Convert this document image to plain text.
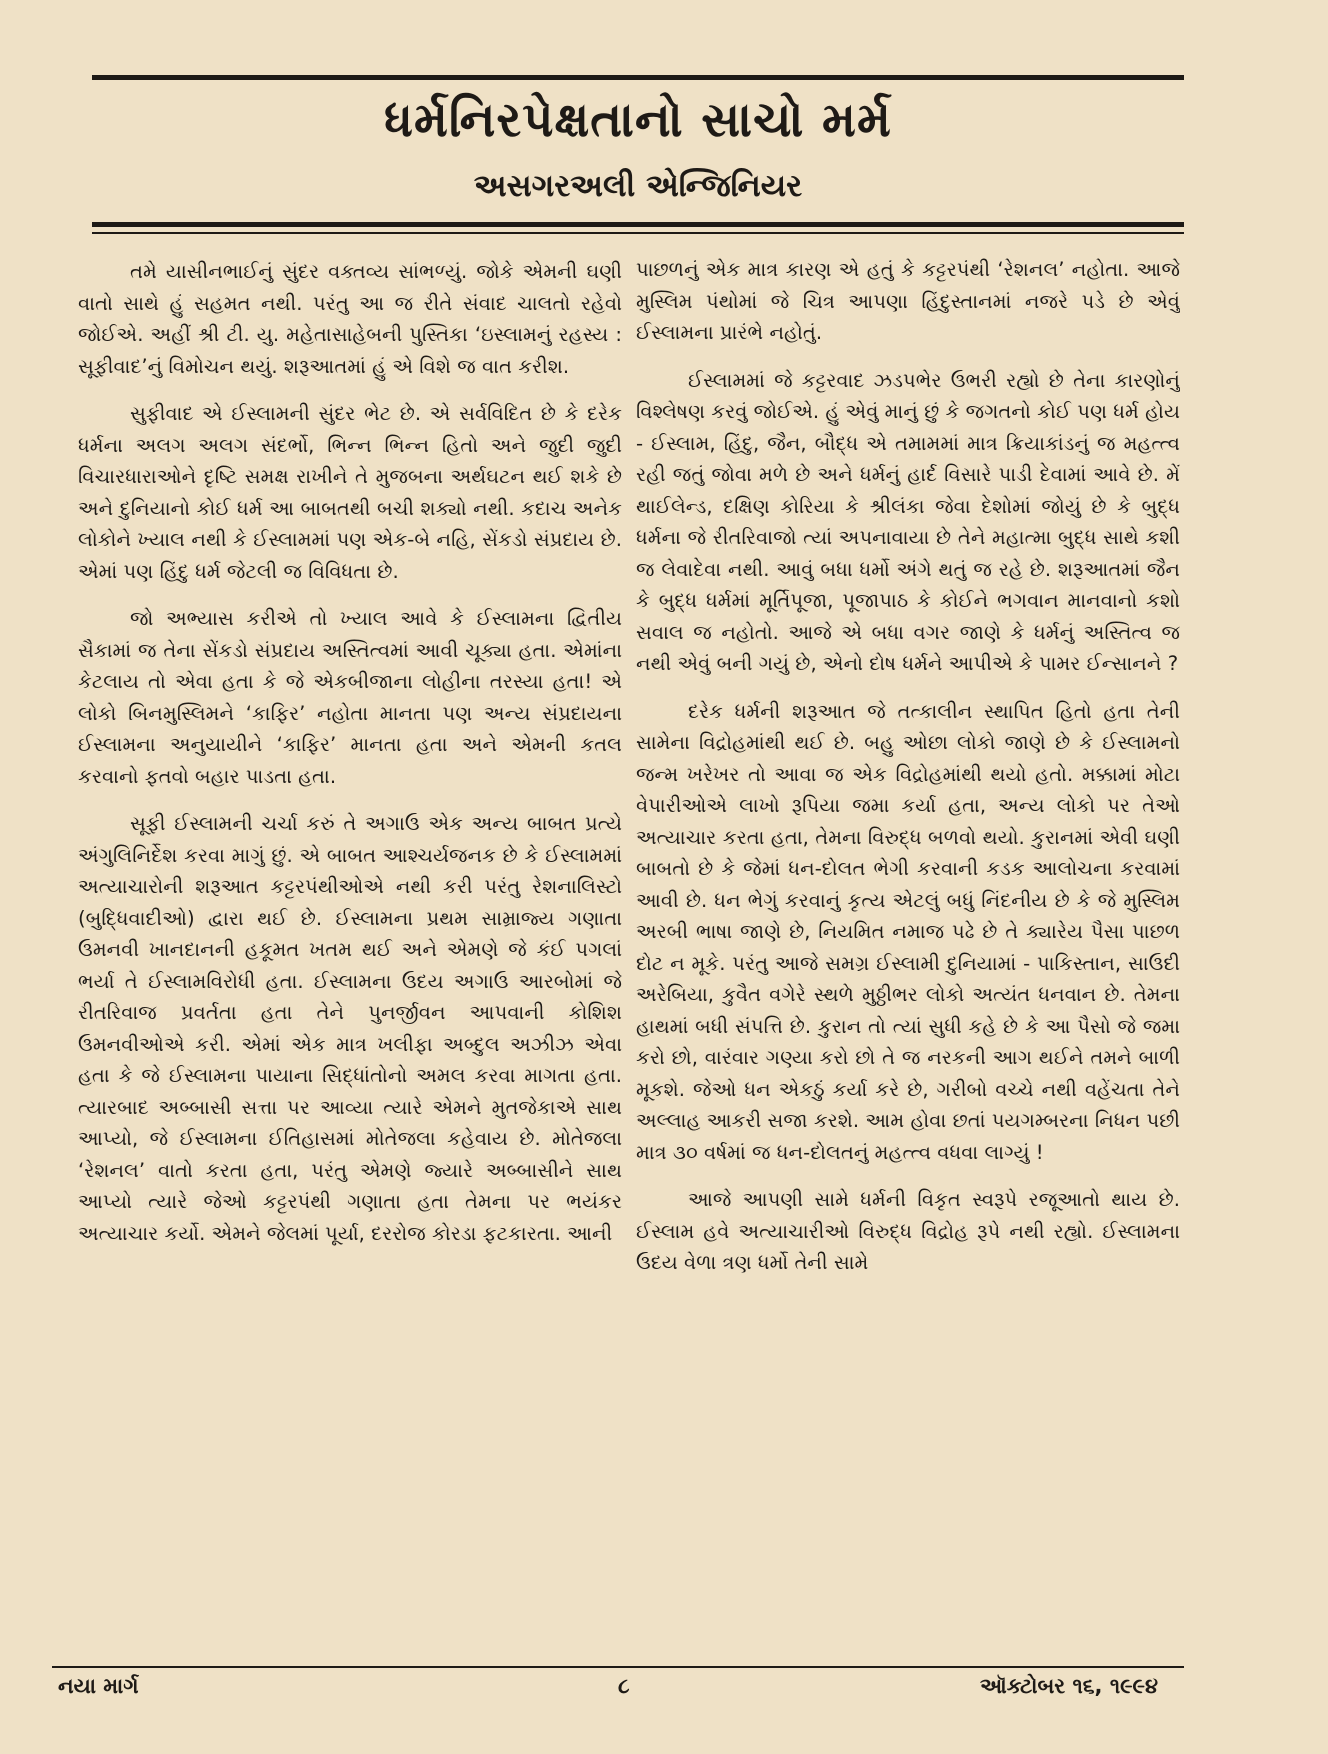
ધર્મનિરપેક્ષતાનો સાચો મર્મ
અસગરઅલી એન્જિનિયર

તમે યાસીનભાઈનું સુંદર વક્તવ્ય સાંભળ્યું. જોકે એમની ઘણી વાતો સાથે હું સહમત નથી. પરંતુ આ જ રીતે સંવાદ ચાલતો રહેવો જોઈએ. અહીં શ્રી ટી. યુ. મહેતાસાહેબની પુસ્તિકા ‘ઇસ્લામનું રહસ્ય : સૂફીવાદ’નું વિમોચન થયું. શરૂઆતમાં હું એ વિશે જ વાત કરીશ.

સુફીવાદ એ ઈસ્લામની સુંદર ભેટ છે. એ સર્વવિદિત છે કે દરેક ધર્મના અલગ અલગ સંદર્ભો, ભિન્ન ભિન્ન હિતો અને જુદી જુદી વિચારધારાઓને દૃષ્ટિ સમક્ષ રાખીને તે મુજબના અર્થઘટન થઈ શકે છે અને દુનિયાનો કોઈ ધર્મ આ બાબતથી બચી શક્યો નથી. કદાચ અનેક લોકોને ખ્યાલ નથી કે ઈસ્લામમાં પણ એક-બે નહિ, સેંકડો સંપ્રદાય છે. એમાં પણ હિંદુ ધર્મ જેટલી જ વિવિધતા છે.

જો અભ્યાસ કરીએ તો ખ્યાલ આવે કે ઈસ્લામના દ્વિતીય સૈકામાં જ તેના સેંકડો સંપ્રદાય અસ્તિત્વમાં આવી ચૂક્યા હતા. એમાંના કેટલાય તો એવા હતા કે જે એકબીજાના લોહીના તરસ્યા હતા! એ લોકો બિનમુસ્લિમને ‘કાફિર’ નહોતા માનતા પણ અન્ય સંપ્રદાયના ઈસ્લામના અનુયાયીને ‘કાફિર’ માનતા હતા અને એમની કતલ કરવાનો ફતવો બહાર પાડતા હતા.

સૂફી ઈસ્લામની ચર્ચા કરું તે અગાઉ એક અન્ય બાબત પ્રત્યે અંગુલિનિર્દેશ કરવા માગું છું. એ બાબત આશ્ચર્યજનક છે કે ઈસ્લામમાં અત્યાચારોની શરૂઆત કટ્ટરપંથીઓએ નથી કરી પરંતુ રેશનાલિસ્ટો (બુદ્ધિવાદીઓ) દ્વારા થઈ છે. ઈસ્લામના પ્રથમ સામ્રાજ્ય ગણાતા ઉમનવી ખાનદાનની હકૂમત ખતમ થઈ અને એમણે જે કંઈ પગલાં ભર્યા તે ઈસ્લામવિરોધી હતા. ઈસ્લામના ઉદય અગાઉ આરબોમાં જે રીતરિવાજ પ્રવર્તતા હતા તેને પુનર્જીવન આપવાની કોશિશ ઉમનવીઓએ કરી. એમાં એક માત્ર ખલીફા અબ્દુલ અઝીઝ એવા હતા કે જે ઈસ્લામના પાયાના સિદ્ધાંતોનો અમલ કરવા માગતા હતા. ત્યારબાદ અબ્બાસી સત્તા પર આવ્યા ત્યારે એમને મુતજેકાએ સાથ આપ્યો, જે ઈસ્લામના ઈતિહાસમાં મોતેજલા કહેવાય છે. મોતેજલા ‘રેશનલ’ વાતો કરતા હતા, પરંતુ એમણે જ્યારે અબ્બાસીને સાથ આપ્યો ત્યારે જેઓ કટ્ટરપંથી ગણાતા હતા તેમના પર ભયંકર અત્યાચાર કર્યો. એમને જેલમાં પૂર્યા, દરરોજ કોરડા ફટકારતા. આની

પાછળનું એક માત્ર કારણ એ હતું કે કટ્ટરપંથી ‘રેશનલ’ નહોતા. આજે મુસ્લિમ પંથોમાં જે ચિત્ર આપણા હિંદુસ્તાનમાં નજરે પડે છે એવું ઈસ્લામના પ્રારંભે નહોતું.

ઈસ્લામમાં જે કટ્ટરવાદ ઝડપભેર ઉભરી રહ્યો છે તેના કારણોનું વિશ્લેષણ કરવું જોઈએ. હું એવું માનું છું કે જગતનો કોઈ પણ ધર્મ હોય - ઈસ્લામ, હિંદુ, જૈન, બૌદ્ધ એ તમામમાં માત્ર ક્રિયાકાંડનું જ મહત્ત્વ રહી જતું જોવા મળે છે અને ધર્મનું હાર્દ વિસારે પાડી દેવામાં આવે છે. મેં થાઈલેન્ડ, દક્ષિણ કોરિયા કે શ્રીલંકા જેવા દેશોમાં જોયું છે કે બુદ્ધ ધર્મના જે રીતરિવાજો ત્યાં અપનાવાયા છે તેને મહાત્મા બુદ્ધ સાથે કશી જ લેવાદેવા નથી. આવું બધા ધર્મો અંગે થતું જ રહે છે. શરૂઆતમાં જૈન કે બુદ્ધ ધર્મમાં મૂર્તિપૂજા, પૂજાપાઠ કે કોઈને ભગવાન માનવાનો કશો સવાલ જ નહોતો. આજે એ બધા વગર જાણે કે ધર્મનું અસ્તિત્વ જ નથી એવું બની ગયું છે, એનો દોષ ધર્મને આપીએ કે પામર ઈન્સાનને ?

દરેક ધર્મની શરૂઆત જે તત્કાલીન સ્થાપિત હિતો હતા તેની સામેના વિદ્રોહમાંથી થઈ છે. બહુ ઓછા લોકો જાણે છે કે ઈસ્લામનો જન્મ ખરેખર તો આવા જ એક વિદ્રોહમાંથી થયો હતો. મક્કામાં મોટા વેપારીઓએ લાખો રૂપિયા જમા કર્યા હતા, અન્ય લોકો પર તેઓ અત્યાચાર કરતા હતા, તેમના વિરુદ્ધ બળવો થયો. કુરાનમાં એવી ઘણી બાબતો છે કે જેમાં ધન-દોલત ભેગી કરવાની કડક આલોચના કરવામાં આવી છે. ધન ભેગું કરવાનું કૃત્ય એટલું બધું નિંદનીય છે કે જે મુસ્લિમ અરબી ભાષા જાણે છે, નિયમિત નમાજ પઢે છે તે ક્યારેય પૈસા પાછળ દોટ ન મૂકે. પરંતુ આજે સમગ્ર ઈસ્લામી દુનિયામાં - પાકિસ્તાન, સાઉદી અરેબિયા, કુવૈત વગેરે સ્થળે મુઠ્ઠીભર લોકો અત્યંત ધનવાન છે. તેમના હાથમાં બધી સંપત્તિ છે. કુરાન તો ત્યાં સુધી કહે છે કે આ પૈસો જે જમા કરો છો, વારંવાર ગણ્યા કરો છો તે જ નરકની આગ થઈને તમને બાળી મૂકશે. જેઓ ધન એકઠું કર્યા કરે છે, ગરીબો વચ્ચે નથી વહેંચતા તેને અલ્લાહ આકરી સજા કરશે. આમ હોવા છતાં પયગમ્બરના નિધન પછી માત્ર ૩૦ વર્ષમાં જ ધન-દોલતનું મહત્ત્વ વધવા લાગ્યું !

આજે આપણી સામે ધર્મની વિકૃત સ્વરૂપે રજૂઆતો થાય છે. ઈસ્લામ હવે અત્યાચારીઓ વિરુદ્ધ વિદ્રોહ રૂપે નથી રહ્યો. ઈસ્લામના ઉદય વેળા ત્રણ ધર્મો તેની સામે

નયા માર્ગ	૮	ઑક્ટોબર ૧૬, ૧૯૯૪
